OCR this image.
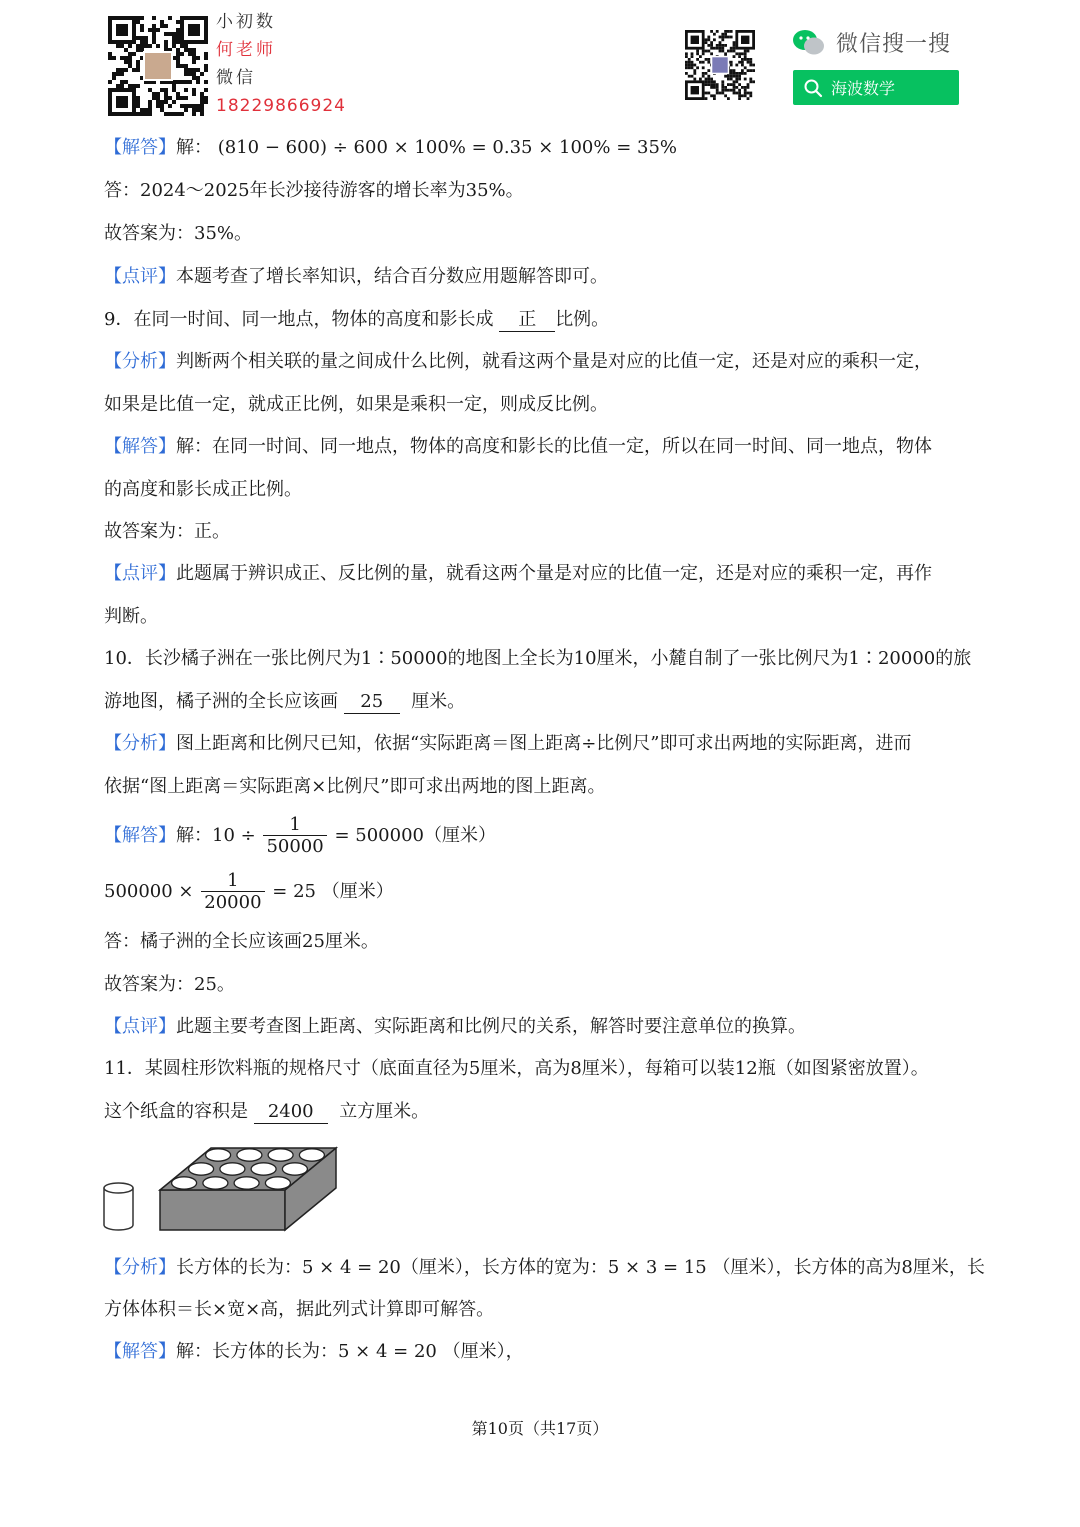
小初数
何老师
微信
18229866924
微信搜一搜
海波数学
【解答】解： (810 − 600) ÷ 600 × 100% = 0.35 × 100% = 35%
答：2024～2025年长沙接待游客的增长率为35%。
故答案为：35%。
【点评】本题考查了增长率知识，结合百分数应用题解答即可。
9．在同一时间、同一地点，物体的高度和影长成 正 比例。
【分析】判断两个相关联的量之间成什么比例，就看这两个量是对应的比值一定，还是对应的乘积一定，
如果是比值一定，就成正比例，如果是乘积一定，则成反比例。
【解答】解：在同一时间、同一地点，物体的高度和影长的比值一定，所以在同一时间、同一地点，物体
的高度和影长成正比例。
故答案为：正。
【点评】此题属于辨识成正、反比例的量，就看这两个量是对应的比值一定，还是对应的乘积一定，再作
判断。
10．长沙橘子洲在一张比例尺为1∶50000的地图上全长为10厘米，小麓自制了一张比例尺为1∶20000的旅
游地图，橘子洲的全长应该画 25 厘米。
【分析】图上距离和比例尺已知，依据“实际距离＝图上距离÷比例尺”即可求出两地的实际距离，进而
依据“图上距离＝实际距离×比例尺”即可求出两地的图上距离。
【解答】解：$10 \div \frac{1}{50000} = 500000$（厘米）
$500000 \times \frac{1}{20000} = 25$ （厘米）
答：橘子洲的全长应该画25厘米。
故答案为：25。
【点评】此题主要考查图上距离、实际距离和比例尺的关系，解答时要注意单位的换算。
11．某圆柱形饮料瓶的规格尺寸（底面直径为5厘米，高为8厘米），每箱可以装12瓶（如图紧密放置）。
这个纸盒的容积是 2400 立方厘米。
【分析】长方体的长为：5 × 4 = 20（厘米），长方体的宽为：5 × 3 = 15 （厘米），长方体的高为8厘米，长
方体体积＝长×宽×高，据此列式计算即可解答。
【解答】解：长方体的长为：5 × 4 = 20 （厘米），
第10页（共17页）
